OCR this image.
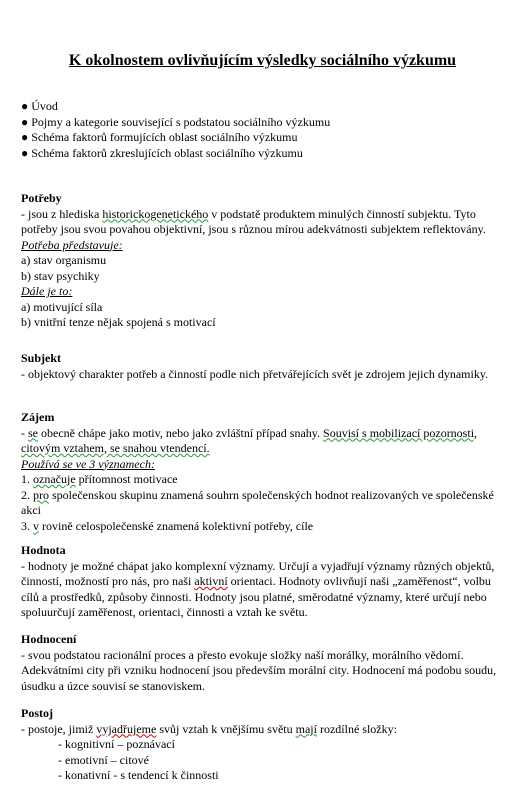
K okolnostem ovlivňujícím výsledky sociálního výzkumu
● Úvod
● Pojmy a kategorie související s podstatou sociálního výzkumu
● Schéma faktorů formujících oblast sociálního výzkumu
● Schéma faktorů zkreslujících oblast sociálního výzkumu
Potřeby
- jsou z hlediska historickogenetického v podstatě produktem minulých činností subjektu. Tyto potřeby jsou svou povahou objektivní, jsou s různou mírou adekvátnosti subjektem reflektovány.
Potřeba představuje:
a) stav organismu
b) stav psychiky
Dále je to:
a) motivující síla
b) vnitřní tenze nějak spojená s motivací
Subjekt
- objektový charakter potřeb a činností podle nich přetvářejících svět je zdrojem jejich dynamiky.
Zájem
- se obecně chápe jako motiv, nebo jako zvláštní případ snahy. Souvisí s mobilizací pozornosti, citovým vztahem, se snahou vtendencí.
Používá se ve 3 významech:
1. označuje přítomnost motivace
2. pro společenskou skupinu znamená souhrn společenských hodnot realizovaných ve společenské akci
3. v rovině celospolečenské znamená kolektivní potřeby, cíle
Hodnota
- hodnoty je možné chápat jako komplexní významy. Určují a vyjadřují významy různých objektů, činností, možností pro nás, pro naši aktivní orientaci. Hodnoty ovlivňují naši „zaměřenost“, volbu cílů a prostředků, způsoby činnosti. Hodnoty jsou platné, směrodatné významy, které určují nebo spoluurčují zaměřenost, orientaci, činnosti a vztah ke světu.
Hodnocení
- svou podstatou racionální proces a přesto evokuje složky naší morálky, morálního vědomí. Adekvátními city při vzniku hodnocení jsou především morální city. Hodnocení má podobu soudu, úsudku a úzce souvisí se stanoviskem.
Postoj
- postoje, jimiž vyjadřujeme svůj vztah k vnějšímu světu mají rozdílné složky:
- kognitivní – poznávací
- emotivní – citové
- konativní - s tendencí k činnosti
